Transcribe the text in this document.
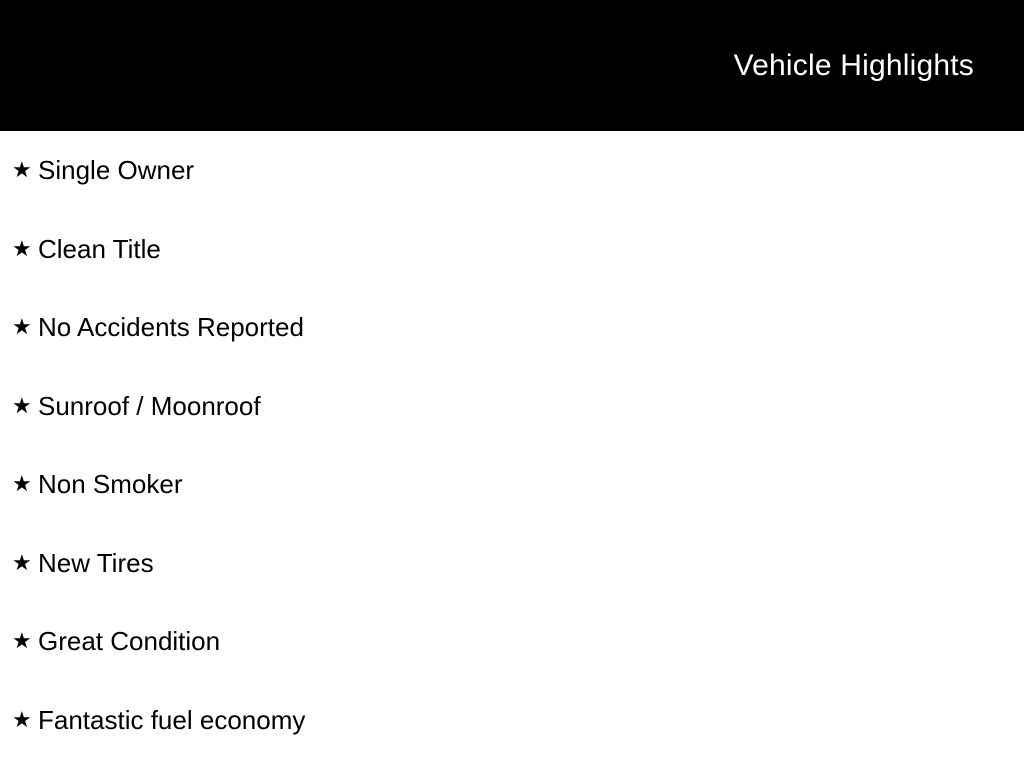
Vehicle Highlights
★ Single Owner
★ Clean Title
★ No Accidents Reported
★ Sunroof / Moonroof
★ Non Smoker
★ New Tires
★ Great Condition
★ Fantastic fuel economy
